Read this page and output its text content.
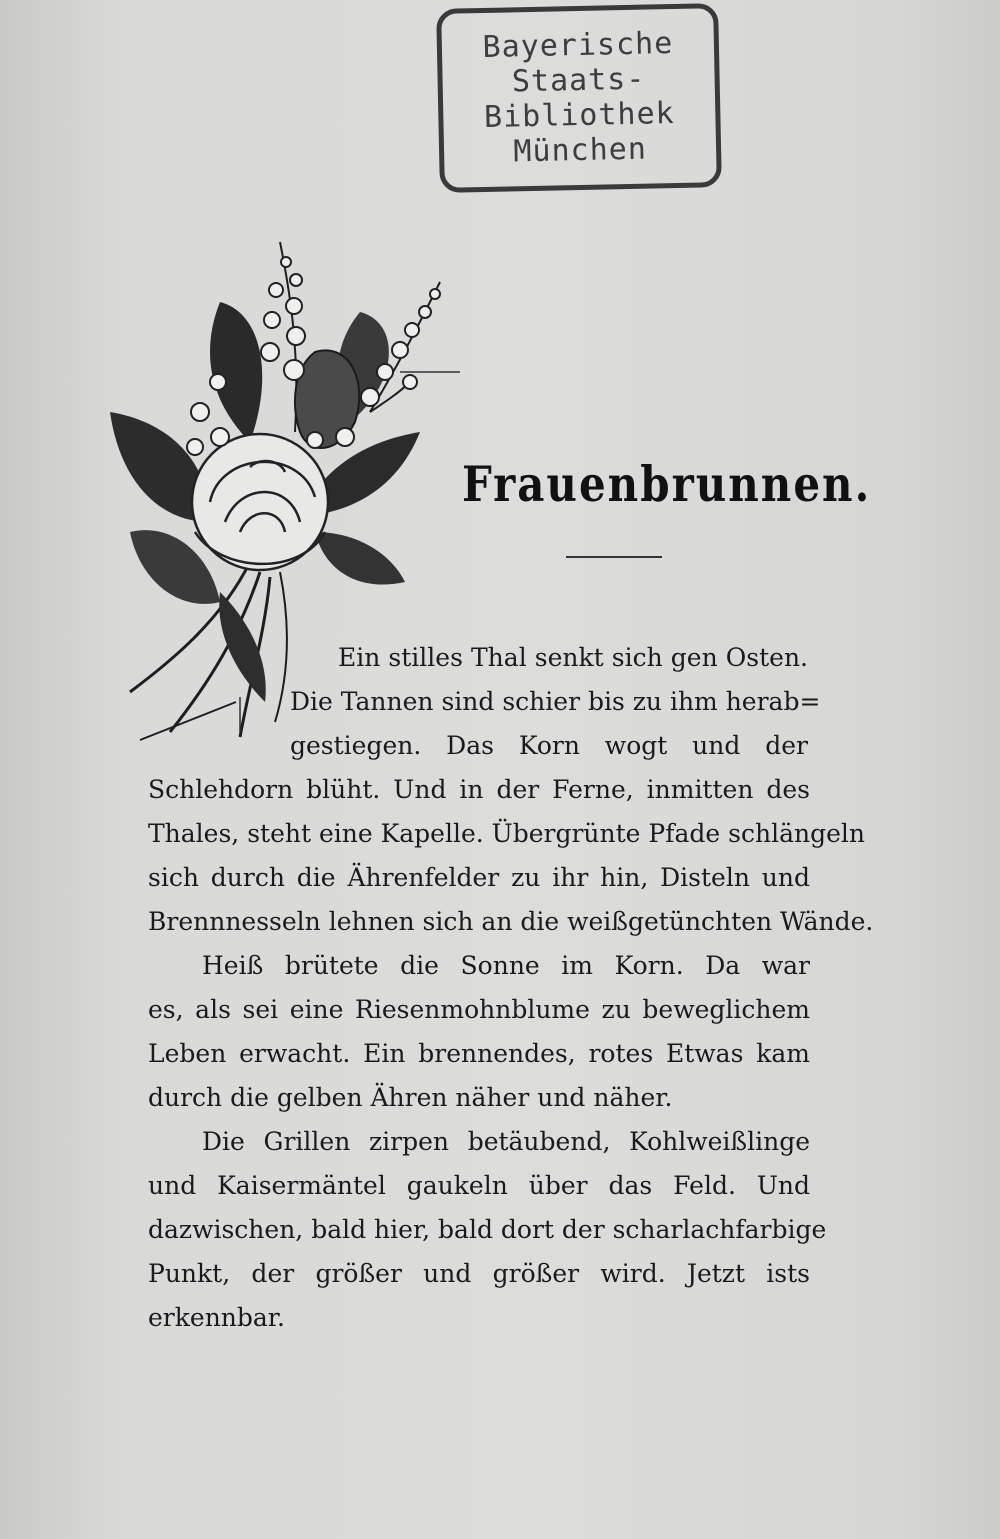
Bayerische
Staats-
Bibliothek
München
Frauenbrunnen.
Ein stilles Thal senkt sich gen Osten.
Die Tannen sind schier bis zu ihm herab=
gestiegen. Das Korn wogt und der
Schlehdorn blüht. Und in der Ferne, inmitten des
Thales, steht eine Kapelle. Übergrünte Pfade schlängeln
sich durch die Ährenfelder zu ihr hin, Disteln und
Brennnesseln lehnen sich an die weißgetünchten Wände.
Heiß brütete die Sonne im Korn. Da war
es, als sei eine Riesenmohnblume zu beweglichem
Leben erwacht. Ein brennendes, rotes Etwas kam
durch die gelben Ähren näher und näher.
Die Grillen zirpen betäubend, Kohlweißlinge
und Kaisermäntel gaukeln über das Feld. Und
dazwischen, bald hier, bald dort der scharlachfarbige
Punkt, der größer und größer wird. Jetzt ists
erkennbar.
